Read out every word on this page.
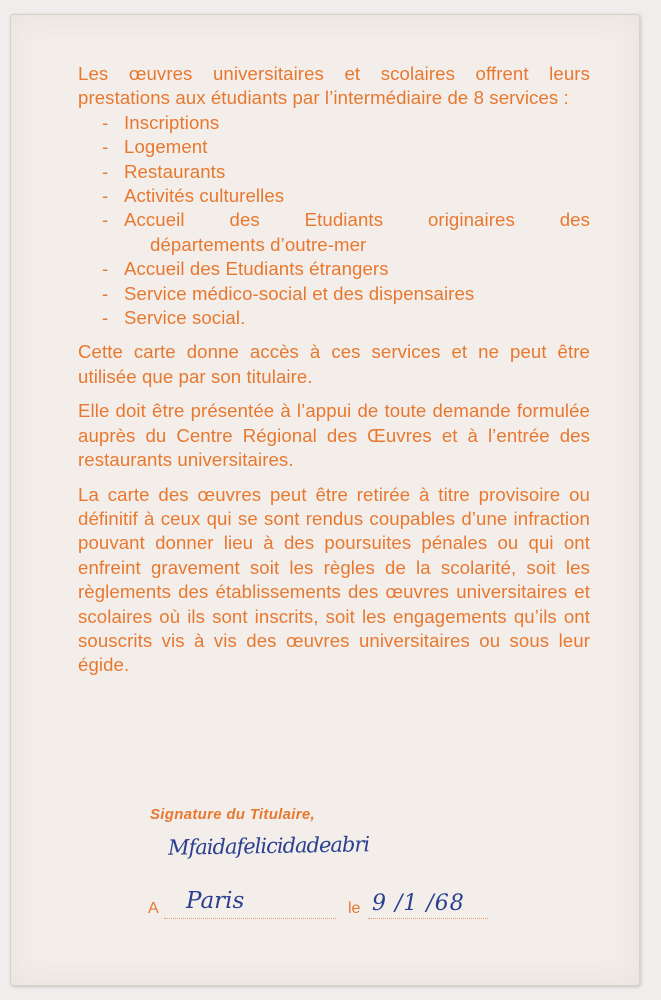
Les œuvres universitaires et scolaires offrent leurs prestations aux étudiants par l’intermédiaire de 8 services :

- Inscriptions
- Logement
- Restaurants
- Activités culturelles
- Accueil des Etudiants originaires des
départements d’outre-mer
- Accueil des Etudiants étrangers
- Service médico-social et des dispensaires
- Service social.

Cette carte donne accès à ces services et ne peut être utilisée que par son titulaire.

Elle doit être présentée à l’appui de toute demande formulée auprès du Centre Régional des Œuvres et à l’entrée des restaurants universitaires.

La carte des œuvres peut être retirée à titre provisoire ou définitif à ceux qui se sont rendus coupables d’une infraction pouvant donner lieu à des poursuites pénales ou qui ont enfreint gravement soit les règles de la scolarité, soit les règlements des établissements des œuvres universitaires et scolaires où ils sont inscrits, soit les engagements qu’ils ont souscrits vis à vis des œuvres universitaires ou sous leur égide.

Signature du Titulaire,
Mfaidafelicidadeabri
A Paris	le 9 /1 /68
